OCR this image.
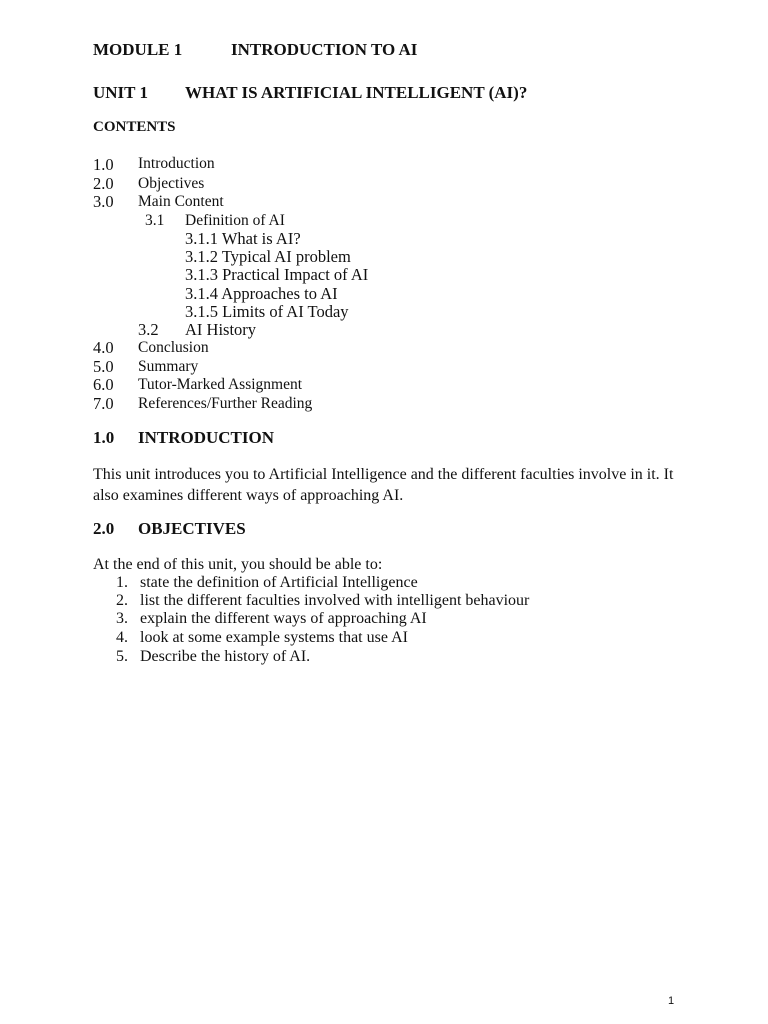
MODULE 1	INTRODUCTION TO AI
UNIT 1 WHAT IS ARTIFICIAL INTELLIGENT (AI)?
CONTENTS
1.0 Introduction
2.0 Objectives
3.0 Main Content
3.1 Definition of AI
3.1.1 What is AI?
3.1.2 Typical AI problem
3.1.3 Practical Impact of AI
3.1.4 Approaches to AI
3.1.5 Limits of AI Today
3.2 AI History
4.0 Conclusion
5.0 Summary
6.0 Tutor-Marked Assignment
7.0 References/Further Reading
1.0 INTRODUCTION
This unit introduces you to Artificial Intelligence and the different faculties involve in it. It also examines different ways of approaching AI.
2.0 OBJECTIVES
At the end of this unit, you should be able to:
1. state the definition of Artificial Intelligence
2. list the different faculties involved with intelligent behaviour
3. explain the different ways of approaching AI
4. look at some example systems that use AI
5. Describe the history of AI.
1
